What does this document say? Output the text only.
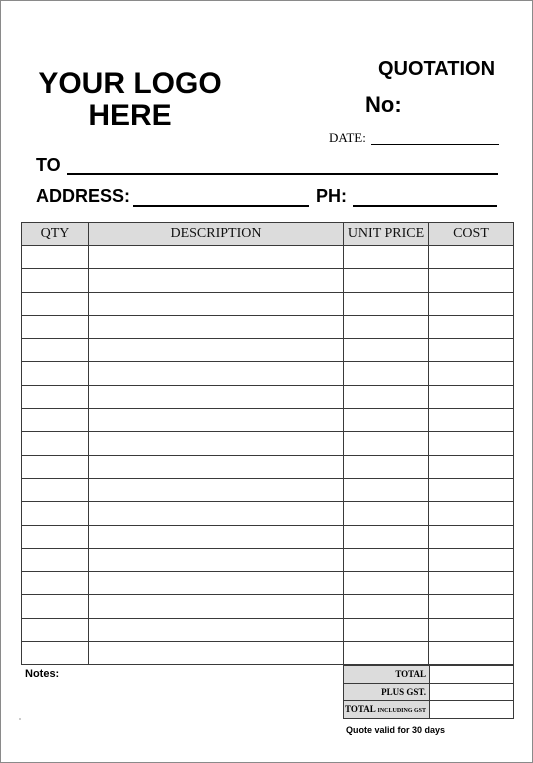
YOUR LOGO
HERE
QUOTATION
No:
DATE:
TO
ADDRESS:	PH:
QTY	DESCRIPTION	UNIT PRICE	COST

Notes:	TOTAL	
PLUS GST.	
TOTAL INCLUDING GST	
Quote valid for 30 days
